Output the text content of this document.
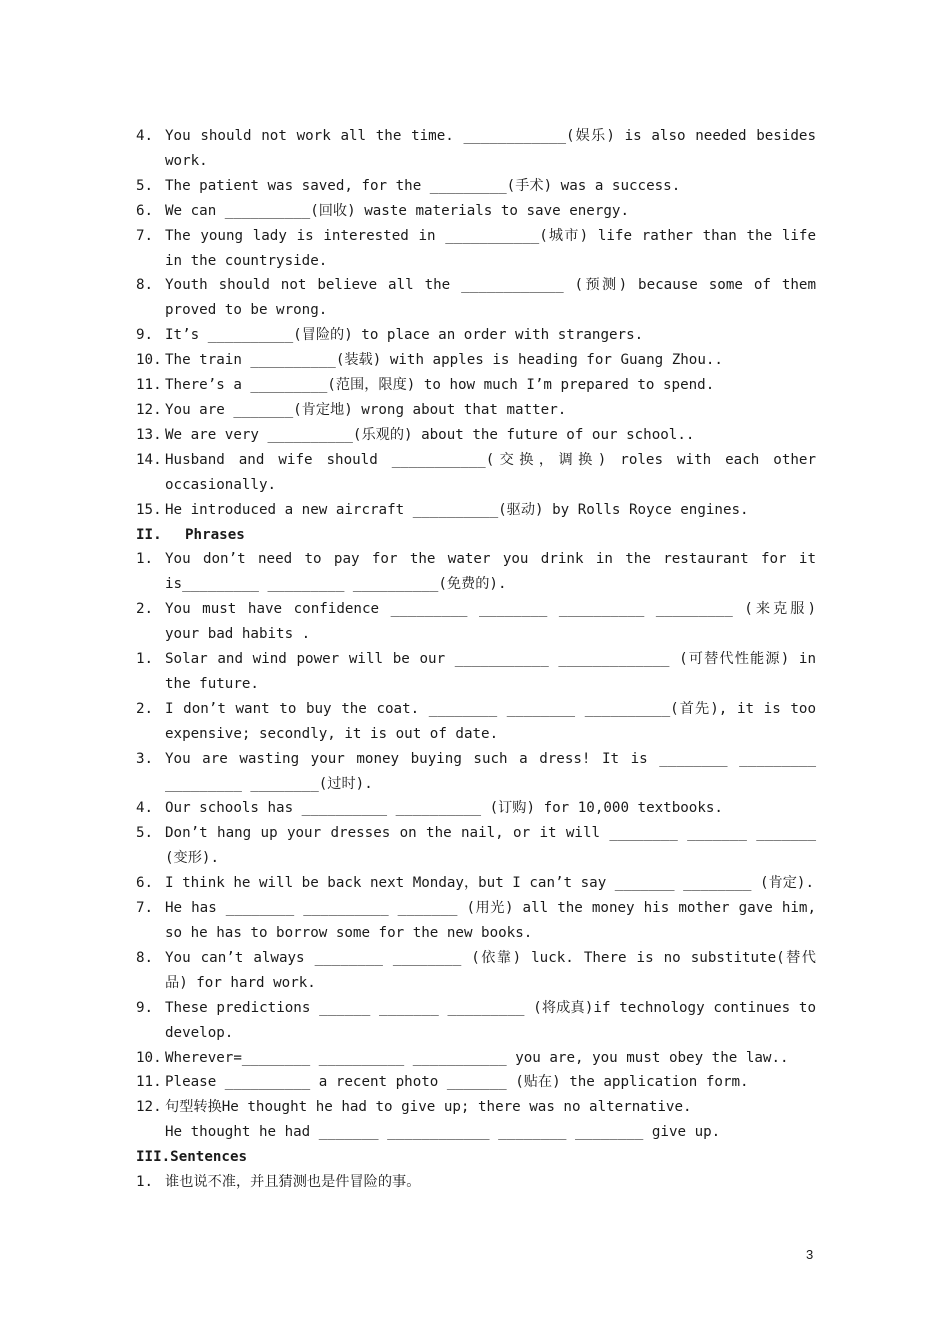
4. You should not work all the time. ____________(娱乐) is also needed besides work.
5. The patient was saved, for the _________(手术) was a success.
6. We can __________(回收) waste materials to save energy.
7. The young lady is interested in ___________(城市) life rather than the life in the countryside.
8. Youth should not believe all the ____________ (预测) because some of them proved to be wrong.
9. It’s __________(冒险的) to place an order with strangers.
10. The train __________(装载) with apples is heading for Guang Zhou..
11. There’s a _________(范围，限度) to how much I’m prepared to spend.
12. You are _______(肯定地) wrong about that matter.
13. We are very __________(乐观的) about the future of our school..
14. Husband and wife should ___________(交换，调换) roles with each other occasionally.
15. He introduced a new aircraft __________(驱动) by Rolls Royce engines.
II.	Phrases
1. You don’t need to pay for the water you drink in the restaurant for it is_________ _________ __________(免费的).
2. You must have confidence _________ ________ __________ _________ (来克服) your bad habits .
1. Solar and wind power will be our ___________ _____________ (可替代性能源) in the future.
2. I don’t want to buy the coat. ________ ________ __________(首先), it is too expensive; secondly, it is out of date.
3. You are wasting your money buying such a dress! It is ________ _________ _________ ________(过时).
4. Our schools has __________ __________ (订购) for 10,000 textbooks.
5. Don’t hang up your dresses on the nail, or it will ________ _______ _______ (变形).
6. I think he will be back next Monday，but I can’t say _______ ________ (肯定).
7. He has ________ __________ _______ (用光) all the money his mother gave him, so he has to borrow some for the new books.
8. You can’t always ________ ________ (依靠) luck. There is no substitute(替代品) for hard work.
9. These predictions ______ _______ _________ (将成真)if technology continues to develop.
10. Wherever=________ __________ ___________ you are, you must obey the law..
11. Please __________ a recent photo _______ (贴在) the application form.
12. 句型转换He thought he had to give up; there was no alternative.
He thought he had _______ ____________ ________ ________ give up.
III. Sentences
1. 谁也说不准，并且猜测也是件冒险的事。
3
